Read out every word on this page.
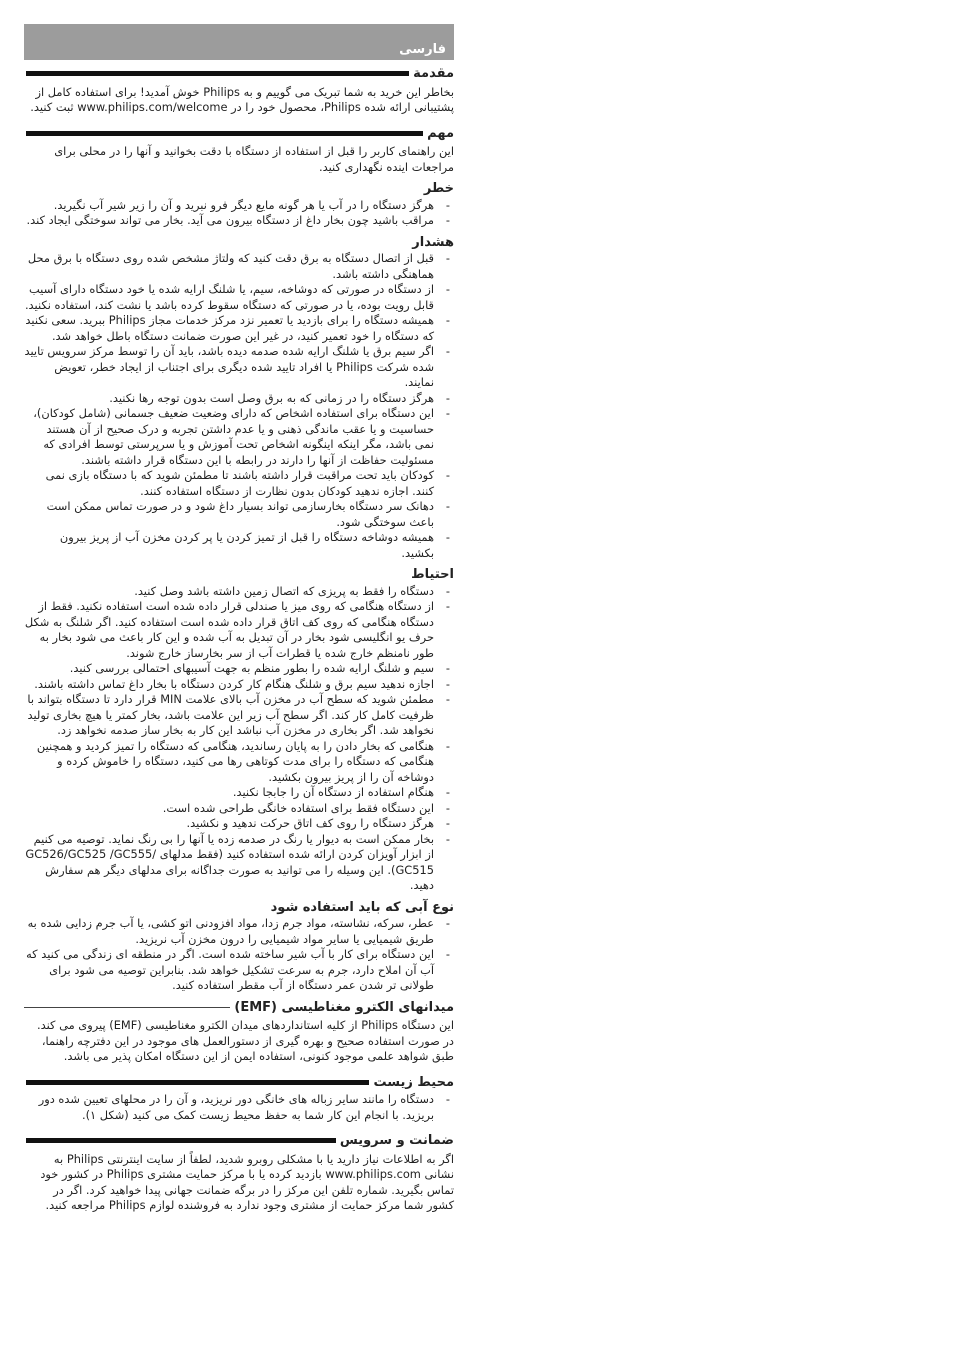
فارسی
مقدمة

بخاطر این خرید به شما تبریک می گوییم و به Philips خوش آمدید! برای استفاده کامل از پشتیبانی ارائه شده Philips، محصول خود را در www.philips.com/welcome ثبت کنید.

مهم

این راهنمای کاربر را قبل از استفاده از دستگاه با دقت بخوانید و آنها را در محلی برای مراجعات اینده نگهداری کنید.

خطر
- هرگز دستگاه را در آب یا هر گونه مایع دیگر فرو نبرید و آن را زیر شیر آب نگیرید.
- مراقب باشید چون بخار داغ از دستگاه بیرون می آید. بخار می تواند سوختگی ایجاد کند.
هشدار
- قبل از اتصال دستگاه به برق دقت کنید که ولتاژ مشخص شده روی دستگاه با برق محل هماهنگی داشته باشد.
- از دستگاه در صورتی که دوشاخه، سیم، یا شلنگ ارایه شده یا خود دستگاه دارای آسیب قابل رویت بوده، یا در صورتی که دستگاه سقوط کرده باشد یا نشت کند، استفاده نکنید.
- همیشه دستگاه را برای بازدید یا تعمیر نزد مرکز خدمات مجاز Philips ببرید. سعی نکنید که دستگاه را خود تعمیر کنید، در غیر این صورت ضمانت دستگاه باطل خواهد شد.
- اگر سیم برق یا شلنگ ارایه شده صدمه دیده باشد، باید آن را توسط مرکز سرویس تایید شده شرکت Philips یا افراد تایید شده دیگری برای اجتناب از ایجاد خطر، تعویض نمایند.
- هرگز دستگاه را در زمانی که به برق وصل است بدون توجه رها نکنید.
- این دستگاه برای استفاده اشخاص که دارای وضعیت ضعیف جسمانی (شامل کودکان)، حساسیت و یا عقب ماندگی ذهنی و یا عدم داشتن تجربه و درک صحیح از آن هستند نمی باشد، مگر اینکه اینگونه اشخاص تحت آموزش و یا سرپرستی توسط افرادی که مسئولیت حفاظت از آنها را دارند در رابطه با این دستگاه قرار داشته باشند.
- کودکان باید تحت مراقبت قرار داشته باشند تا مطمئن شوید که با دستگاه بازی نمی کنند. اجازه ندهید کودکان بدون نظارت از دستگاه استفاده کنند.
- دهانک سر دستگاه بخارسازمی تواند بسیار داغ شود و در صورت تماس ممکن است باعث سوختگی شود.
- همیشه دوشاخه دستگاه را قبل از تمیز کردن یا پر کردن مخزن آب از پریز بیرون بکشید.
احتیاط
- دستگاه را فقط به پریزی که اتصال زمین داشته باشد وصل کنید.
- از دستگاه هنگامی که روی میز یا صندلی قرار داده شده است استفاده نکنید. فقط از دستگاه هنگامی که روی کف اتاق قرار داده شده است استفاده کنید. اگر شلنگ به شکل حرف یو انگلیسی شود بخار در آن تبدیل به آب شده و این کار باعث می شود بخار به طور نامنظم خارج شده یا قطرات آب از سر بخارساز خارج شوند.
- سیم و شلنگ ارایه شده را بطور منظم به جهت آسیبهای احتمالی بررسی کنید.
- اجازه ندهید سیم برق و شلنگ هنگام کار کردن دستگاه با بخار داغ تماس داشته باشند.
- مطمئن شوید که سطح آب در مخزن آب بالای علامت MIN قرار دارد تا دستگاه بتواند با ظرفیت کامل کار کند. اگر سطح آب زیر این علامت باشد، بخار کمتر یا هیچ بخاری تولید نخواهد شد. اگر بخاری در مخزن آب نباشد این کار به بخار ساز صدمه نخواهد زد.
- هنگامی که بخار دادن را به پایان رساندید، هنگامی که دستگاه را تمیز کردید و همچنین هنگامی که دستگاه را برای مدت کوتاهی رها می کنید، دستگاه را خاموش کرده و دوشاخه آن را از پریز بیرون بکشید.
- هنگام استفاده از دستگاه آن را جابجا نکنید.
- این دستگاه فقط برای استفاده خانگی طراحی شده است.
- هرگز دستگاه را روی کف اتاق حرکت ندهید و نکشید.
- بخار ممکن است به دیوار یا رنگ در صدمه زده یا آنها را بی رنگ نماید. توصیه می کنیم از ابزار آویزان کردن ارائه شده استفاده کنید (فقط مدلهای /GC526/GC525 /GC555 GC515). این وسیله را می توانید به صورت جداگانه برای مدلهای دیگر هم سفارش دهید.
نوع آبی که باید استفاده شود
- عطر، سرکه، نشاسته، مواد جرم زدا، مواد افزودنی اتو کشی، یا آب جرم زدایی شده به طریق شیمیایی یا سایر مواد شیمیایی را درون مخزن آب نریزید.
- این دستگاه برای کار با آب شیر ساخته شده است. اگر در منطقه ای زندگی می کنید که آب آن املاح دارد، جرم به سرعت تشکیل خواهد شد. بنابراین توصیه می شود برای طولانی تر شدن عمر دستگاه از آب مقطر استفاده کنید.
میدانهای الکترو مغناطیسی (EMF)

این دستگاه Philips از کلیه استانداردهای میدان الکترو مغناطیسی (EMF) پیروی می کند. در صورت استفاده صحیح و بهره گیری از دستورالعمل های موجود در این دفترچه راهنما، طبق شواهد علمی موجود کنونی، استفاده ایمن از این دستگاه امکان پذیر می باشد.

محیط زیست
- دستگاه را مانند سایر زباله های خانگی دور نریزید، و آن را در محلهای تعیین شده دور بریزید. با انجام این کار شما به حفظ محیط زیست کمک می کنید (شکل ۱).
ضمانت و سرویس

اگر به اطلاعات نیاز دارید یا با مشکلی روبرو شدید، لطفاً از سایت اینترنتی Philips به نشانی www.philips.com بازدید کرده یا با مرکز حمایت مشتری Philips در کشور خود تماس بگیرید. شماره تلفن این مرکز را در برگه ضمانت جهانی پیدا خواهید کرد. اگر در کشور شما مرکز حمایت از مشتری وجود ندارد به فروشنده لوازم Philips مراجعه کنید.
